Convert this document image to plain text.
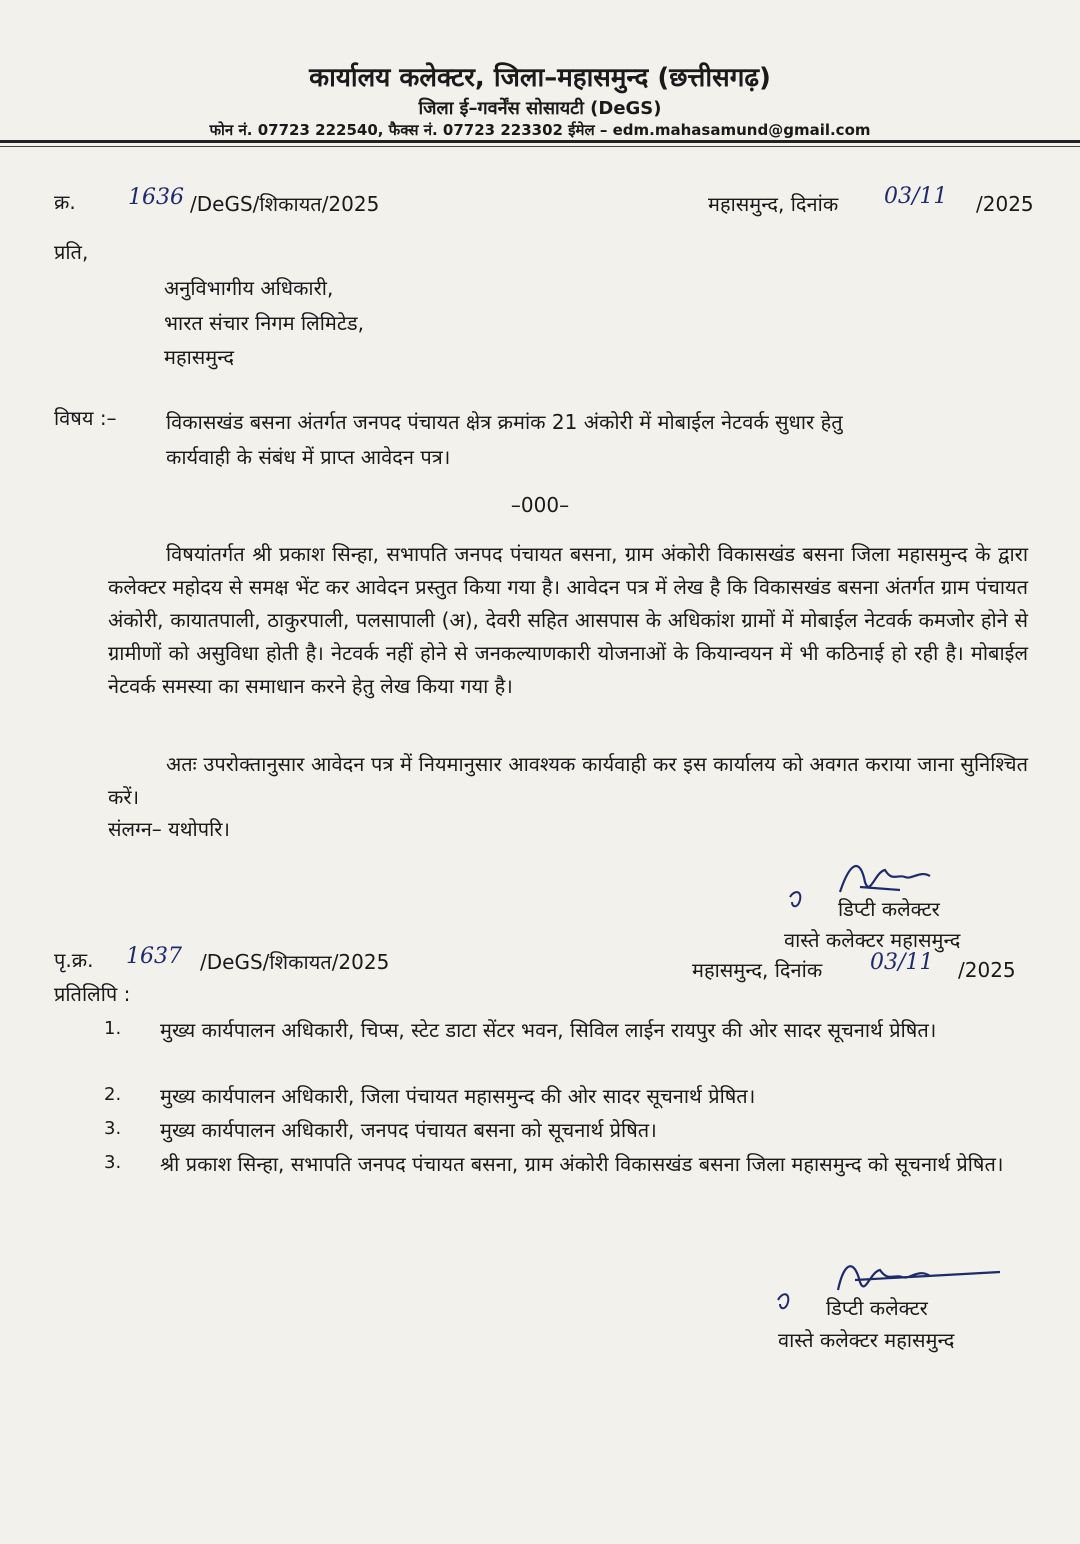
कार्यालय कलेक्टर, जिला–महासमुन्द (छत्तीसगढ़)
जिला ई–गवर्नेंस सोसायटी (DeGS)
फोन नं. 07723 222540, फैक्स नं. 07723 223302 ईमेल – edm.mahasamund@gmail.com
क्र. 1636 /DeGS/शिकायत/2025	महासमुन्द, दिनांक 03/11 /2025
प्रति,
अनुविभागीय अधिकारी,
भारत संचार निगम लिमिटेड,
महासमुन्द
विषय :– विकासखंड बसना अंतर्गत जनपद पंचायत क्षेत्र क्रमांक 21 अंकोरी में मोबाईल नेटवर्क सुधार हेतु
कार्यवाही के संबंध में प्राप्त आवेदन पत्र।
–000–
विषयांतर्गत श्री प्रकाश सिन्हा, सभापति जनपद पंचायत बसना, ग्राम अंकोरी विकासखंड बसना जिला महासमुन्द के द्वारा कलेक्टर महोदय से समक्ष भेंट कर आवेदन प्रस्तुत किया गया है। आवेदन पत्र में लेख है कि विकासखंड बसना अंतर्गत ग्राम पंचायत अंकोरी, कायातपाली, ठाकुरपाली, पलसापाली (अ), देवरी सहित आसपास के अधिकांश ग्रामों में मोबाईल नेटवर्क कमजोर होने से ग्रामीणों को असुविधा होती है। नेटवर्क नहीं होने से जनकल्याणकारी योजनाओं के कियान्वयन में भी कठिनाई हो रही है। मोबाईल नेटवर्क समस्या का समाधान करने हेतु लेख किया गया है।
अतः उपरोक्तानुसार आवेदन पत्र में नियमानुसार आवश्यक कार्यवाही कर इस कार्यालय को अवगत कराया जाना सुनिश्चित करें।
संलग्न– यथोपरि।
डिप्टी कलेक्टर
वास्ते कलेक्टर महासमुन्द
पृ.क्र. 1637 /DeGS/शिकायत/2025	महासमुन्द, दिनांक 03/11 /2025
प्रतिलिपि :
1. मुख्य कार्यपालन अधिकारी, चिप्स, स्टेट डाटा सेंटर भवन, सिविल लाईन रायपुर की ओर सादर सूचनार्थ प्रेषित।
2. मुख्य कार्यपालन अधिकारी, जिला पंचायत महासमुन्द की ओर सादर सूचनार्थ प्रेषित।
3. मुख्य कार्यपालन अधिकारी, जनपद पंचायत बसना को सूचनार्थ प्रेषित।
3. श्री प्रकाश सिन्हा, सभापति जनपद पंचायत बसना, ग्राम अंकोरी विकासखंड बसना जिला महासमुन्द को सूचनार्थ प्रेषित।
डिप्टी कलेक्टर
वास्ते कलेक्टर महासमुन्द
